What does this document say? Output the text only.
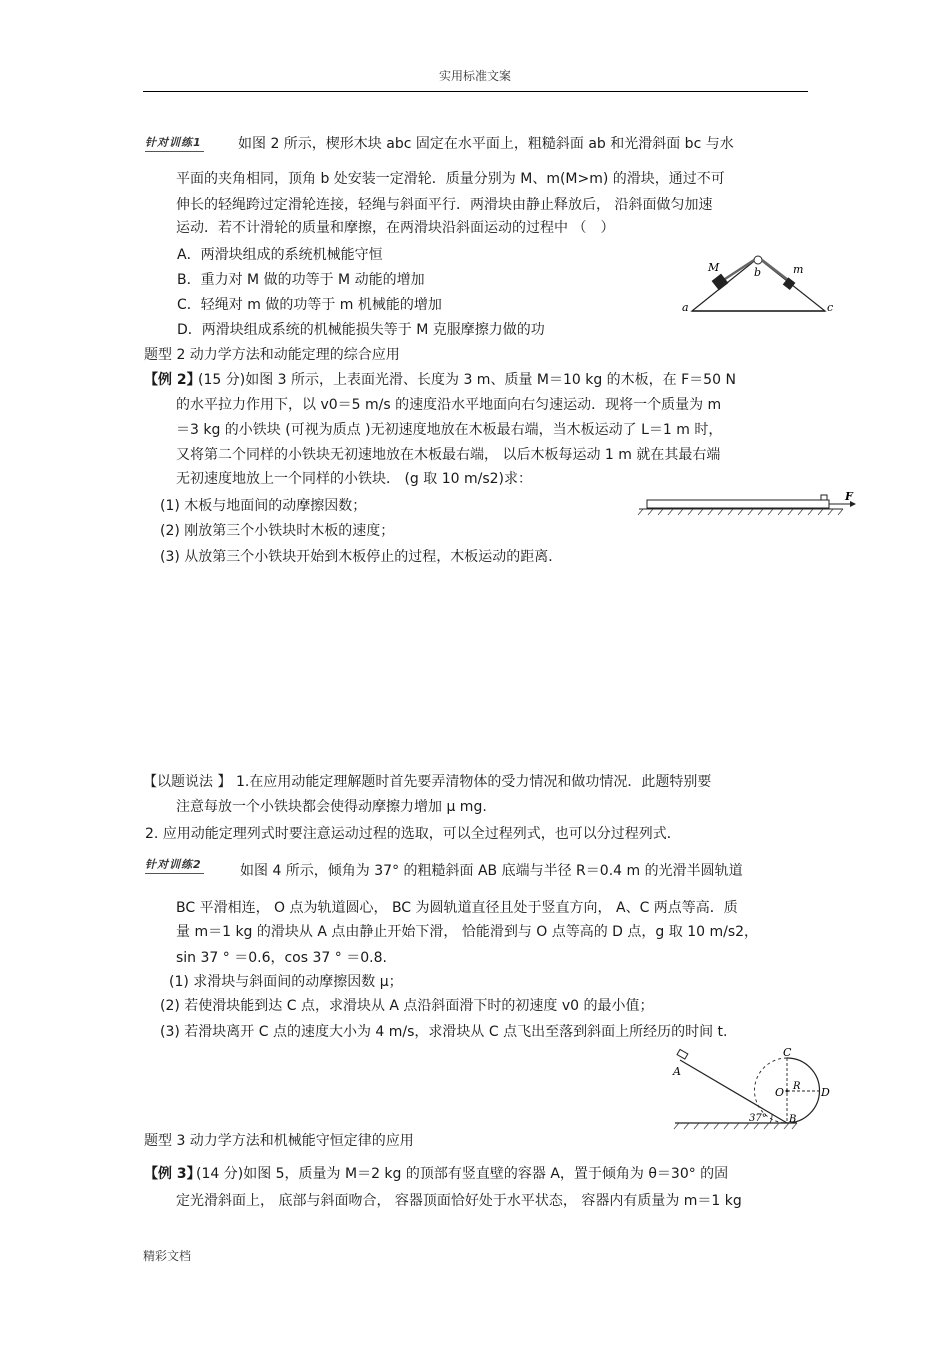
实用标准文案
针对训练1	如图 2 所示，楔形木块 abc 固定在水平面上，粗糙斜面 ab 和光滑斜面 bc 与水
平面的夹角相同，顶角 b 处安装一定滑轮．质量分别为 M、m(M>m) 的滑块，通过不可
伸长的轻绳跨过定滑轮连接，轻绳与斜面平行．两滑块由静止释放后， 沿斜面做匀加速
运动．若不计滑轮的质量和摩擦，在两滑块沿斜面运动的过程中 （　）
A．两滑块组成的系统机械能守恒
B．重力对 M 做的功等于 M 动能的增加
C．轻绳对 m 做的功等于 m 机械能的增加
D．两滑块组成系统的机械能损失等于 M 克服摩擦力做的功
M	b	m
a	c
题型 2 动力学方法和动能定理的综合应用
【例 2】
(15 分)如图 3 所示，上表面光滑、长度为 3 m、质量 M＝10 kg 的木板，在 F＝50 N
的水平拉力作用下，以 v0＝5 m/s 的速度沿水平地面向右匀速运动．现将一个质量为 m
＝3 kg 的小铁块 (可视为质点 )无初速度地放在木板最右端，当木板运动了 L＝1 m 时，
又将第二个同样的小铁块无初速地放在木板最右端， 以后木板每运动 1 m 就在其最右端
无初速度地放上一个同样的小铁块． (g 取 10 m/s2)求：
(1) 木板与地面间的动摩擦因数；
(2) 刚放第三个小铁块时木板的速度；
(3) 从放第三个小铁块开始到木板停止的过程，木板运动的距离．
F
【以题说法 】 1.在应用动能定理解题时首先要弄清物体的受力情况和做功情况．此题特别要
注意每放一个小铁块都会使得动摩擦力增加 μ mg.
2. 应用动能定理列式时要注意运动过程的选取，可以全过程列式，也可以分过程列式．
针对训练2	如图 4 所示，倾角为 37° 的粗糙斜面 AB 底端与半径 R＝0.4 m 的光滑半圆轨道
BC 平滑相连， O 点为轨道圆心， BC 为圆轨道直径且处于竖直方向， A、C 两点等高．质
量 m＝1 kg 的滑块从 A 点由静止开始下滑， 恰能滑到与 O 点等高的 D 点，g 取 10 m/s2，
sin 37 ° ＝0.6，cos 37 ° ＝0.8.
(1) 求滑块与斜面间的动摩擦因数 μ；
(2) 若使滑块能到达 C 点，求滑块从 A 点沿斜面滑下时的初速度 v0 的最小值；
(3) 若滑块离开 C 点的速度大小为 4 m/s，求滑块从 C 点飞出至落到斜面上所经历的时间 t.
A
C
O R D
B
37°
题型 3 动力学方法和机械能守恒定律的应用
【例 3】
(14 分)如图 5，质量为 M＝2 kg 的顶部有竖直壁的容器 A，置于倾角为 θ＝30° 的固
定光滑斜面上， 底部与斜面吻合， 容器顶面恰好处于水平状态， 容器内有质量为 m＝1 kg
精彩文档
